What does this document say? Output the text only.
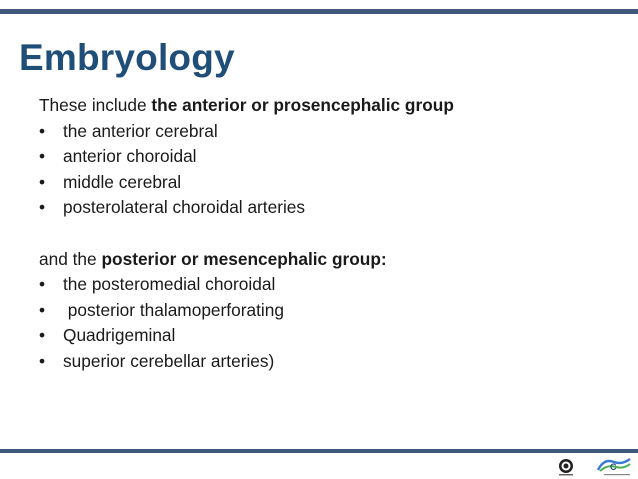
Embryology
These include the anterior or prosencephalic group
• the anterior cerebral
• anterior choroidal
• middle cerebral
• posterolateral choroidal arteries
and the posterior or mesencephalic group:
• the posteromedial choroidal
• posterior thalamoperforating
• Quadrigeminal
• superior cerebellar arteries)
C
